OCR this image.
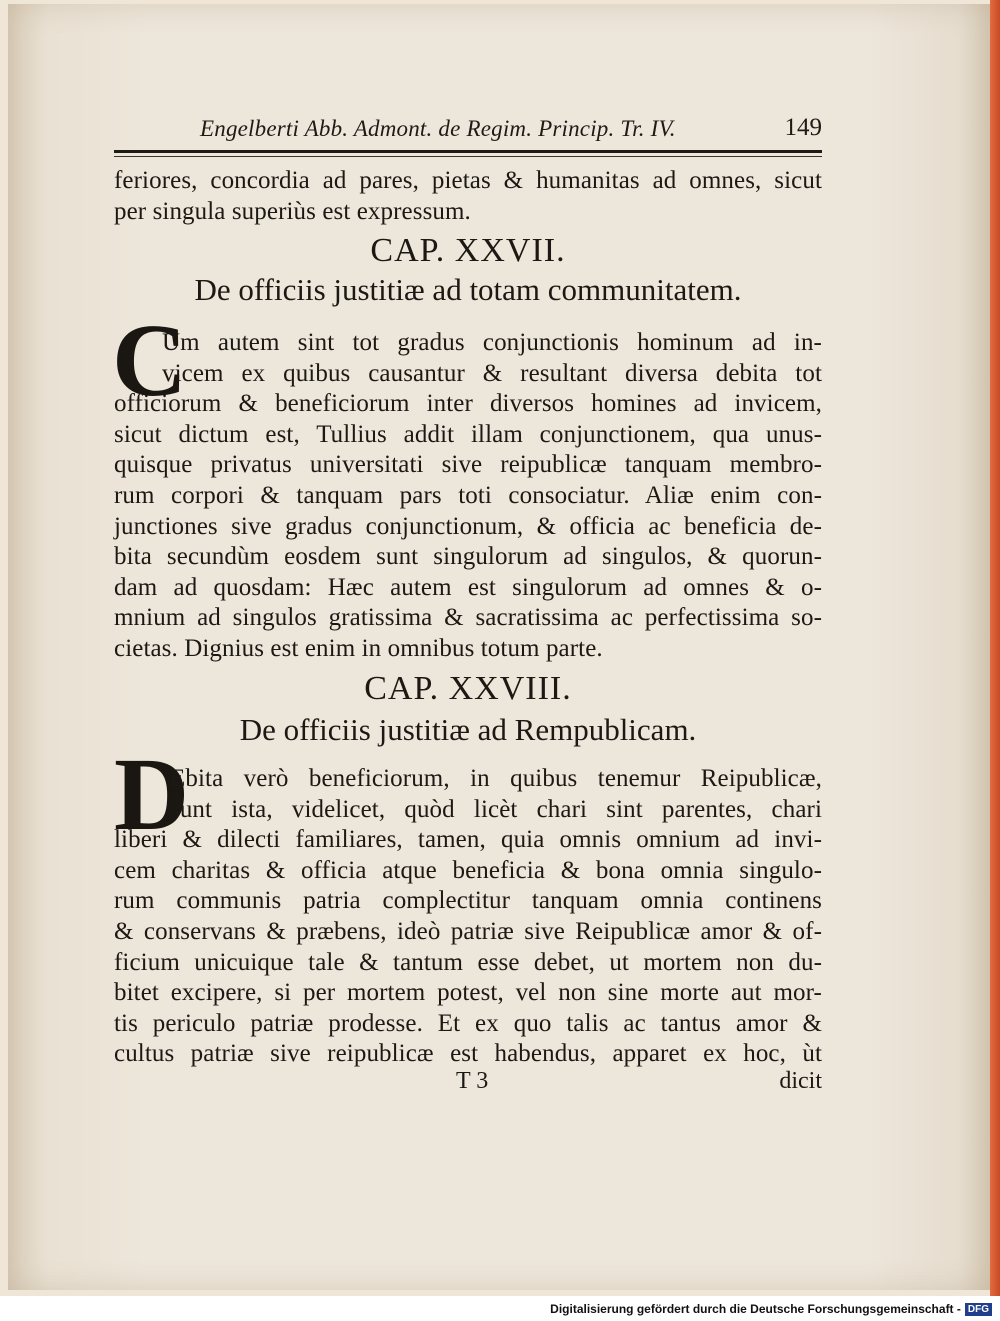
Engelberti Abb. Admont. de Regim. Princip. Tr. IV.	149
feriores, concordia ad pares, pietas & humanitas ad omnes, sicut
per singula superiùs est expressum.
CAP. XXVII.
De officiis justitiæ ad totam communitatem.
C
Um autem sint tot gradus conjunctionis hominum ad in-
vicem ex quibus causantur & resultant diversa debita tot
officiorum & beneficiorum inter diversos homines ad invicem,
sicut dictum est, Tullius addit illam conjunctionem, qua unus-
quisque privatus universitati sive reipublicæ tanquam membro-
rum corpori & tanquam pars toti consociatur. Aliæ enim con-
junctiones sive gradus conjunctionum, & officia ac beneficia de-
bita secundùm eosdem sunt singulorum ad singulos, & quorun-
dam ad quosdam: Hæc autem est singulorum ad omnes & o-
mnium ad singulos gratissima & sacratissima ac perfectissima so-
cietas. Dignius est enim in omnibus totum parte.
CAP. XXVIII.
De officiis justitiæ ad Rempublicam.
D
Ebita verò beneficiorum, in quibus tenemur Reipublicæ,
sunt ista, videlicet, quòd licèt chari sint parentes, chari
liberi & dilecti familiares, tamen, quia omnis omnium ad invi-
cem charitas & officia atque beneficia & bona omnia singulo-
rum communis patria complectitur tanquam omnia continens
& conservans & præbens, ideò patriæ sive Reipublicæ amor & of-
ficium unicuique tale & tantum esse debet, ut mortem non du-
bitet excipere, si per mortem potest, vel non sine morte aut mor-
tis periculo patriæ prodesse. Et ex quo talis ac tantus amor &
cultus patriæ sive reipublicæ est habendus, apparet ex hoc, ùt
T 3	dicit
Digitalisierung gefördert durch die Deutsche Forschungsgemeinschaft - DFG
